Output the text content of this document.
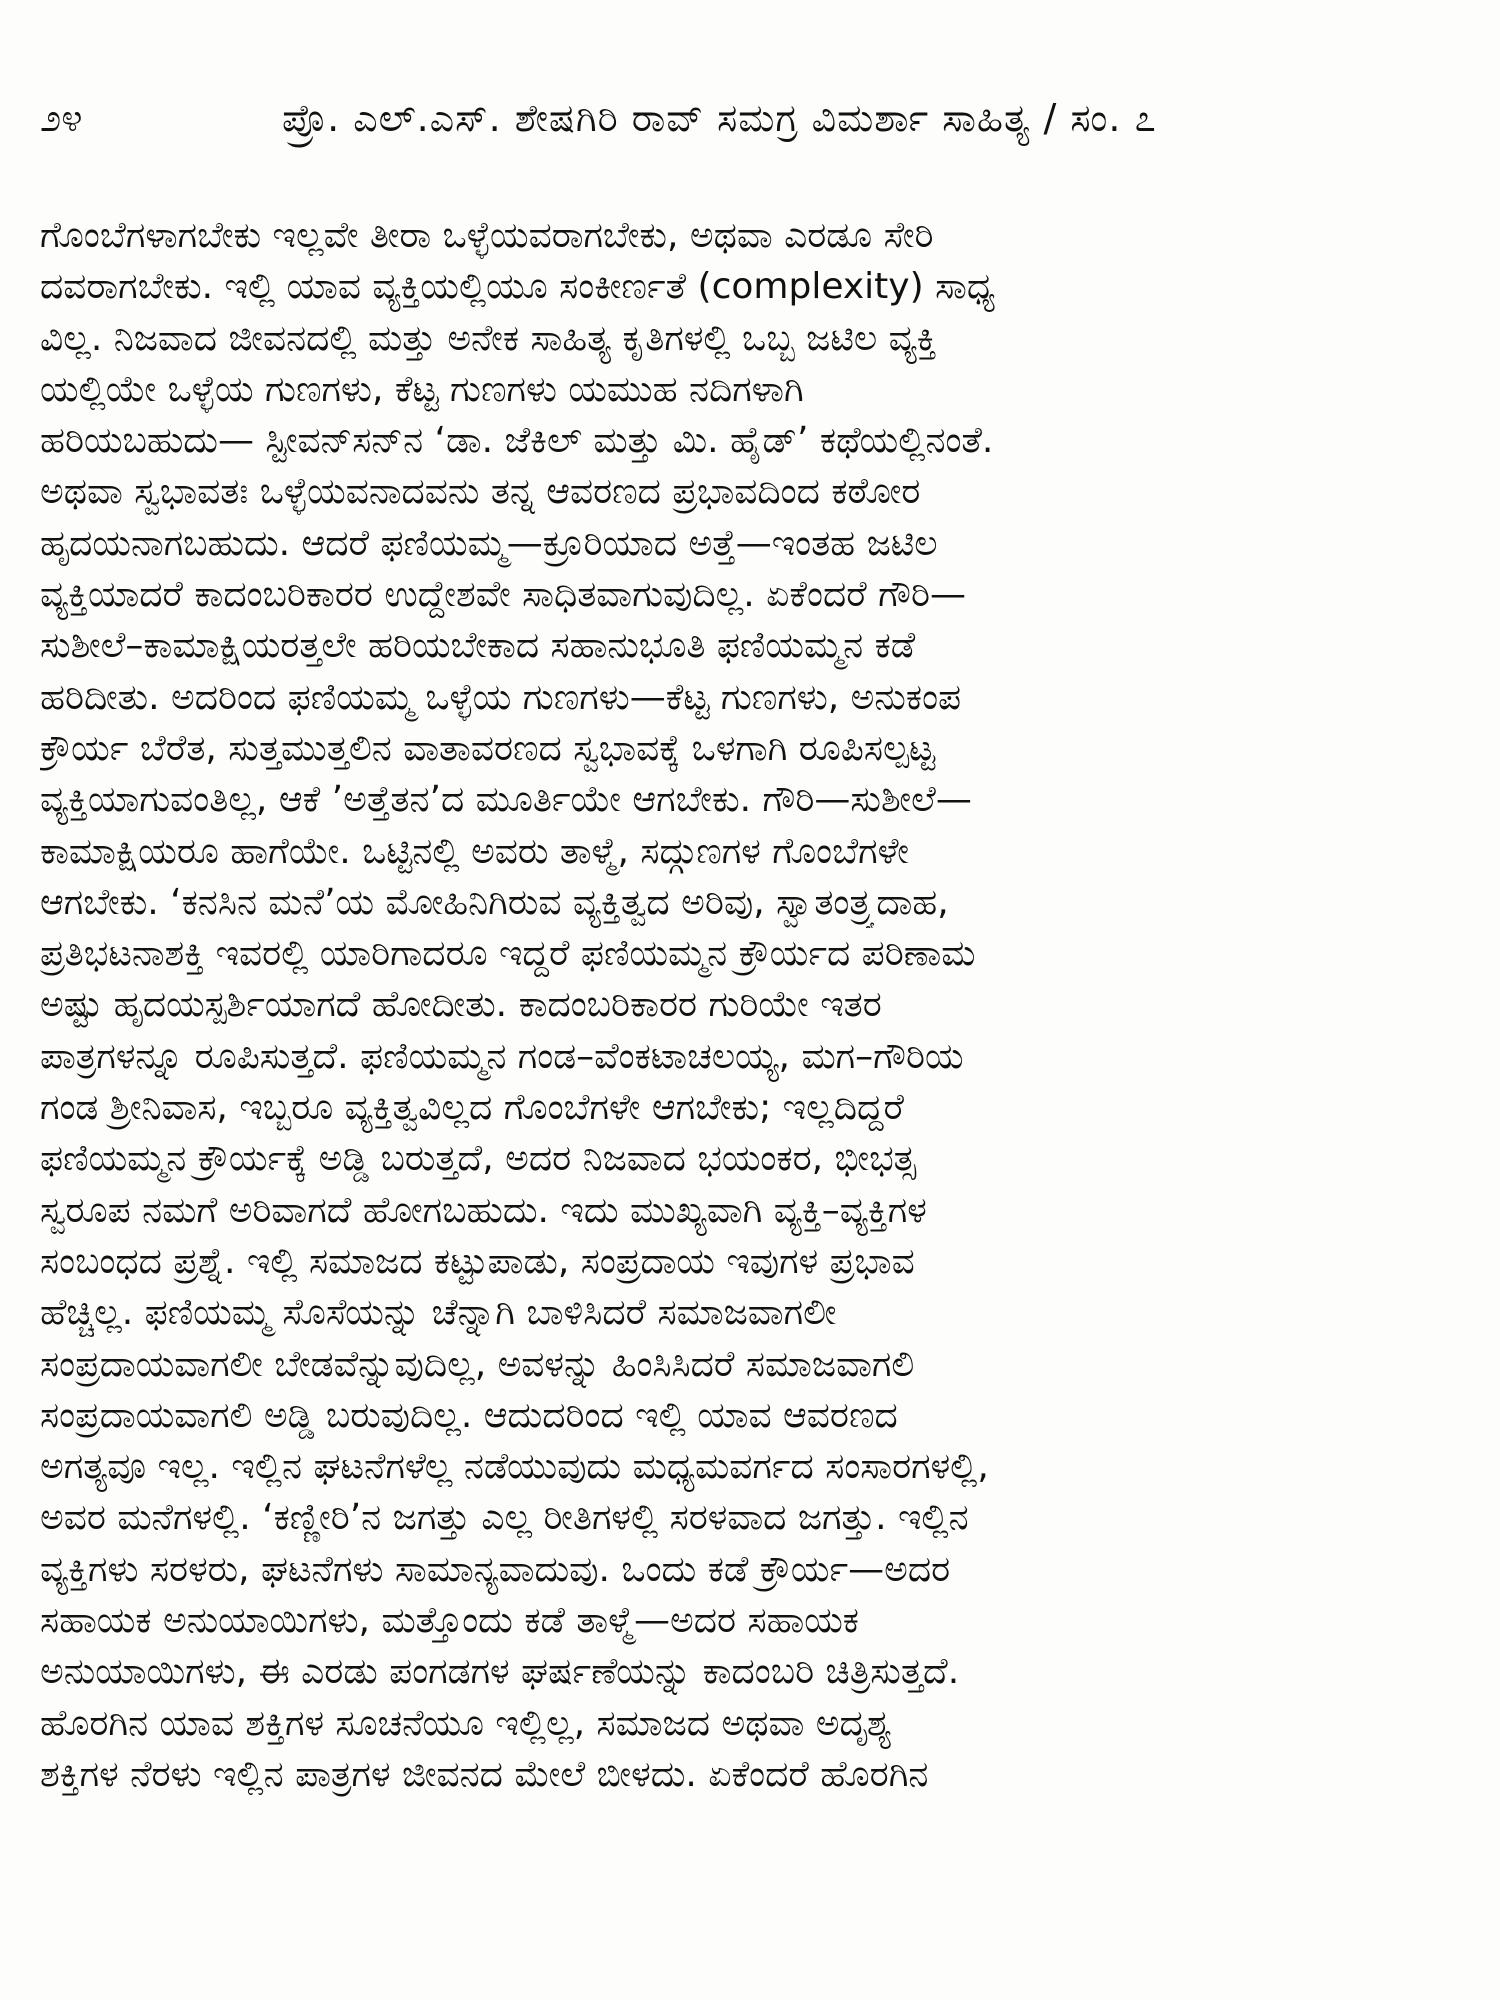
೨೪	ಪ್ರೊ. ಎಲ್.ಎಸ್. ಶೇಷಗಿರಿ ರಾವ್ ಸಮಗ್ರ ವಿಮರ್ಶಾ ಸಾಹಿತ್ಯ / ಸಂ. ೭
ಗೊಂಬೆಗಳಾಗಬೇಕು ಇಲ್ಲವೇ ತೀರಾ ಒಳ್ಳೆಯವರಾಗಬೇಕು, ಅಥವಾ ಎರಡೂ ಸೇರಿ
ದವರಾಗಬೇಕು. ಇಲ್ಲಿ ಯಾವ ವ್ಯಕ್ತಿಯಲ್ಲಿಯೂ ಸಂಕೀರ್ಣತೆ (complexity) ಸಾಧ್ಯ
ವಿಲ್ಲ. ನಿಜವಾದ ಜೀವನದಲ್ಲಿ ಮತ್ತು ಅನೇಕ ಸಾಹಿತ್ಯ ಕೃತಿಗಳಲ್ಲಿ ಒಬ್ಬ ಜಟಿಲ ವ್ಯಕ್ತಿ
ಯಲ್ಲಿಯೇ ಒಳ್ಳೆಯ ಗುಣಗಳು, ಕೆಟ್ಟ ಗುಣಗಳು ಯಮುಹ ನದಿಗಳಾಗಿ
ಹರಿಯಬಹುದು— ಸ್ಟೀವನ್‌ಸನ್‌ನ ‘ಡಾ. ಜೆಕಿಲ್ ಮತ್ತು ಮಿ. ಹೈಡ್’ ಕಥೆಯಲ್ಲಿನಂತೆ.
ಅಥವಾ ಸ್ವಭಾವತಃ ಒಳ್ಳೆಯವನಾದವನು ತನ್ನ ಆವರಣದ ಪ್ರಭಾವದಿಂದ ಕಠೋರ
ಹೃದಯನಾಗಬಹುದು. ಆದರೆ ಫಣಿಯಮ್ಮ—ಕ್ರೂರಿಯಾದ ಅತ್ತೆ—ಇಂತಹ ಜಟಿಲ
ವ್ಯಕ್ತಿಯಾದರೆ ಕಾದಂಬರಿಕಾರರ ಉದ್ದೇಶವೇ ಸಾಧಿತವಾಗುವುದಿಲ್ಲ. ಏಕೆಂದರೆ ಗೌರಿ—
ಸುಶೀಲೆ–ಕಾಮಾಕ್ಷಿಯರತ್ತಲೇ ಹರಿಯಬೇಕಾದ ಸಹಾನುಭೂತಿ ಫಣಿಯಮ್ಮನ ಕಡೆ
ಹರಿದೀತು. ಅದರಿಂದ ಫಣಿಯಮ್ಮ ಒಳ್ಳೆಯ ಗುಣಗಳು—ಕೆಟ್ಟ ಗುಣಗಳು, ಅನುಕಂಪ
ಕ್ರೌರ್ಯ ಬೆರೆತ, ಸುತ್ತಮುತ್ತಲಿನ ವಾತಾವರಣದ ಸ್ವಭಾವಕ್ಕೆ ಒಳಗಾಗಿ ರೂಪಿಸಲ್ಪಟ್ಟ
ವ್ಯಕ್ತಿಯಾಗುವಂತಿಲ್ಲ, ಆಕೆ ’ಅತ್ತೆತನ’ದ ಮೂರ್ತಿಯೇ ಆಗಬೇಕು. ಗೌರಿ—ಸುಶೀಲೆ—
ಕಾಮಾಕ್ಷಿಯರೂ ಹಾಗೆಯೇ. ಒಟ್ಟಿನಲ್ಲಿ ಅವರು ತಾಳ್ಮೆ, ಸದ್ಗುಣಗಳ ಗೊಂಬೆಗಳೇ
ಆಗಬೇಕು. ‘ಕನಸಿನ ಮನೆ’ಯ ಮೋಹಿನಿಗಿರುವ ವ್ಯಕ್ತಿತ್ವದ ಅರಿವು, ಸ್ವಾತಂತ್ರ್ಯದಾಹ,
ಪ್ರತಿಭಟನಾಶಕ್ತಿ ಇವರಲ್ಲಿ ಯಾರಿಗಾದರೂ ಇದ್ದರೆ ಫಣಿಯಮ್ಮನ ಕ್ರೌರ್ಯದ ಪರಿಣಾಮ
ಅಷ್ಟು ಹೃದಯಸ್ಪರ್ಶಿಯಾಗದೆ ಹೋದೀತು. ಕಾದಂಬರಿಕಾರರ ಗುರಿಯೇ ಇತರ
ಪಾತ್ರಗಳನ್ನೂ ರೂಪಿಸುತ್ತದೆ. ಫಣಿಯಮ್ಮನ ಗಂಡ–ವೆಂಕಟಾಚಲಯ್ಯ, ಮಗ–ಗೌರಿಯ
ಗಂಡ ಶ್ರೀನಿವಾಸ, ಇಬ್ಬರೂ ವ್ಯಕ್ತಿತ್ವವಿಲ್ಲದ ಗೊಂಬೆಗಳೇ ಆಗಬೇಕು; ಇಲ್ಲದಿದ್ದರೆ
ಫಣಿಯಮ್ಮನ ಕ್ರೌರ್ಯಕ್ಕೆ ಅಡ್ಡಿ ಬರುತ್ತದೆ, ಅದರ ನಿಜವಾದ ಭಯಂಕರ, ಭೀಭತ್ಸ
ಸ್ವರೂಪ ನಮಗೆ ಅರಿವಾಗದೆ ಹೋಗಬಹುದು. ಇದು ಮುಖ್ಯವಾಗಿ ವ್ಯಕ್ತಿ–ವ್ಯಕ್ತಿಗಳ
ಸಂಬಂಧದ ಪ್ರಶ್ನೆ. ಇಲ್ಲಿ ಸಮಾಜದ ಕಟ್ಟುಪಾಡು, ಸಂಪ್ರದಾಯ ಇವುಗಳ ಪ್ರಭಾವ
ಹೆಚ್ಚಿಲ್ಲ. ಫಣಿಯಮ್ಮ ಸೊಸೆಯನ್ನು ಚೆನ್ನಾಗಿ ಬಾಳಿಸಿದರೆ ಸಮಾಜವಾಗಲೀ
ಸಂಪ್ರದಾಯವಾಗಲೀ ಬೇಡವೆನ್ನುವುದಿಲ್ಲ, ಅವಳನ್ನು ಹಿಂಸಿಸಿದರೆ ಸಮಾಜವಾಗಲಿ
ಸಂಪ್ರದಾಯವಾಗಲಿ ಅಡ್ಡಿ ಬರುವುದಿಲ್ಲ. ಆದುದರಿಂದ ಇಲ್ಲಿ ಯಾವ ಆವರಣದ
ಅಗತ್ಯವೂ ಇಲ್ಲ. ಇಲ್ಲಿನ ಘಟನೆಗಳೆಲ್ಲ ನಡೆಯುವುದು ಮಧ್ಯಮವರ್ಗದ ಸಂಸಾರಗಳಲ್ಲಿ,
ಅವರ ಮನೆಗಳಲ್ಲಿ. ‘ಕಣ್ಣೀರಿ’ನ ಜಗತ್ತು ಎಲ್ಲ ರೀತಿಗಳಲ್ಲಿ ಸರಳವಾದ ಜಗತ್ತು. ಇಲ್ಲಿನ
ವ್ಯಕ್ತಿಗಳು ಸರಳರು, ಘಟನೆಗಳು ಸಾಮಾನ್ಯವಾದುವು. ಒಂದು ಕಡೆ ಕ್ರೌರ್ಯ—ಅದರ
ಸಹಾಯಕ ಅನುಯಾಯಿಗಳು, ಮತ್ತೊಂದು ಕಡೆ ತಾಳ್ಮೆ—ಅದರ ಸಹಾಯಕ
ಅನುಯಾಯಿಗಳು, ಈ ಎರಡು ಪಂಗಡಗಳ ಘರ್ಷಣೆಯನ್ನು ಕಾದಂಬರಿ ಚಿತ್ರಿಸುತ್ತದೆ.
ಹೊರಗಿನ ಯಾವ ಶಕ್ತಿಗಳ ಸೂಚನೆಯೂ ಇಲ್ಲಿಲ್ಲ, ಸಮಾಜದ ಅಥವಾ ಅದೃಶ್ಯ
ಶಕ್ತಿಗಳ ನೆರಳು ಇಲ್ಲಿನ ಪಾತ್ರಗಳ ಜೀವನದ ಮೇಲೆ ಬೀಳದು. ಏಕೆಂದರೆ ಹೊರಗಿನ
